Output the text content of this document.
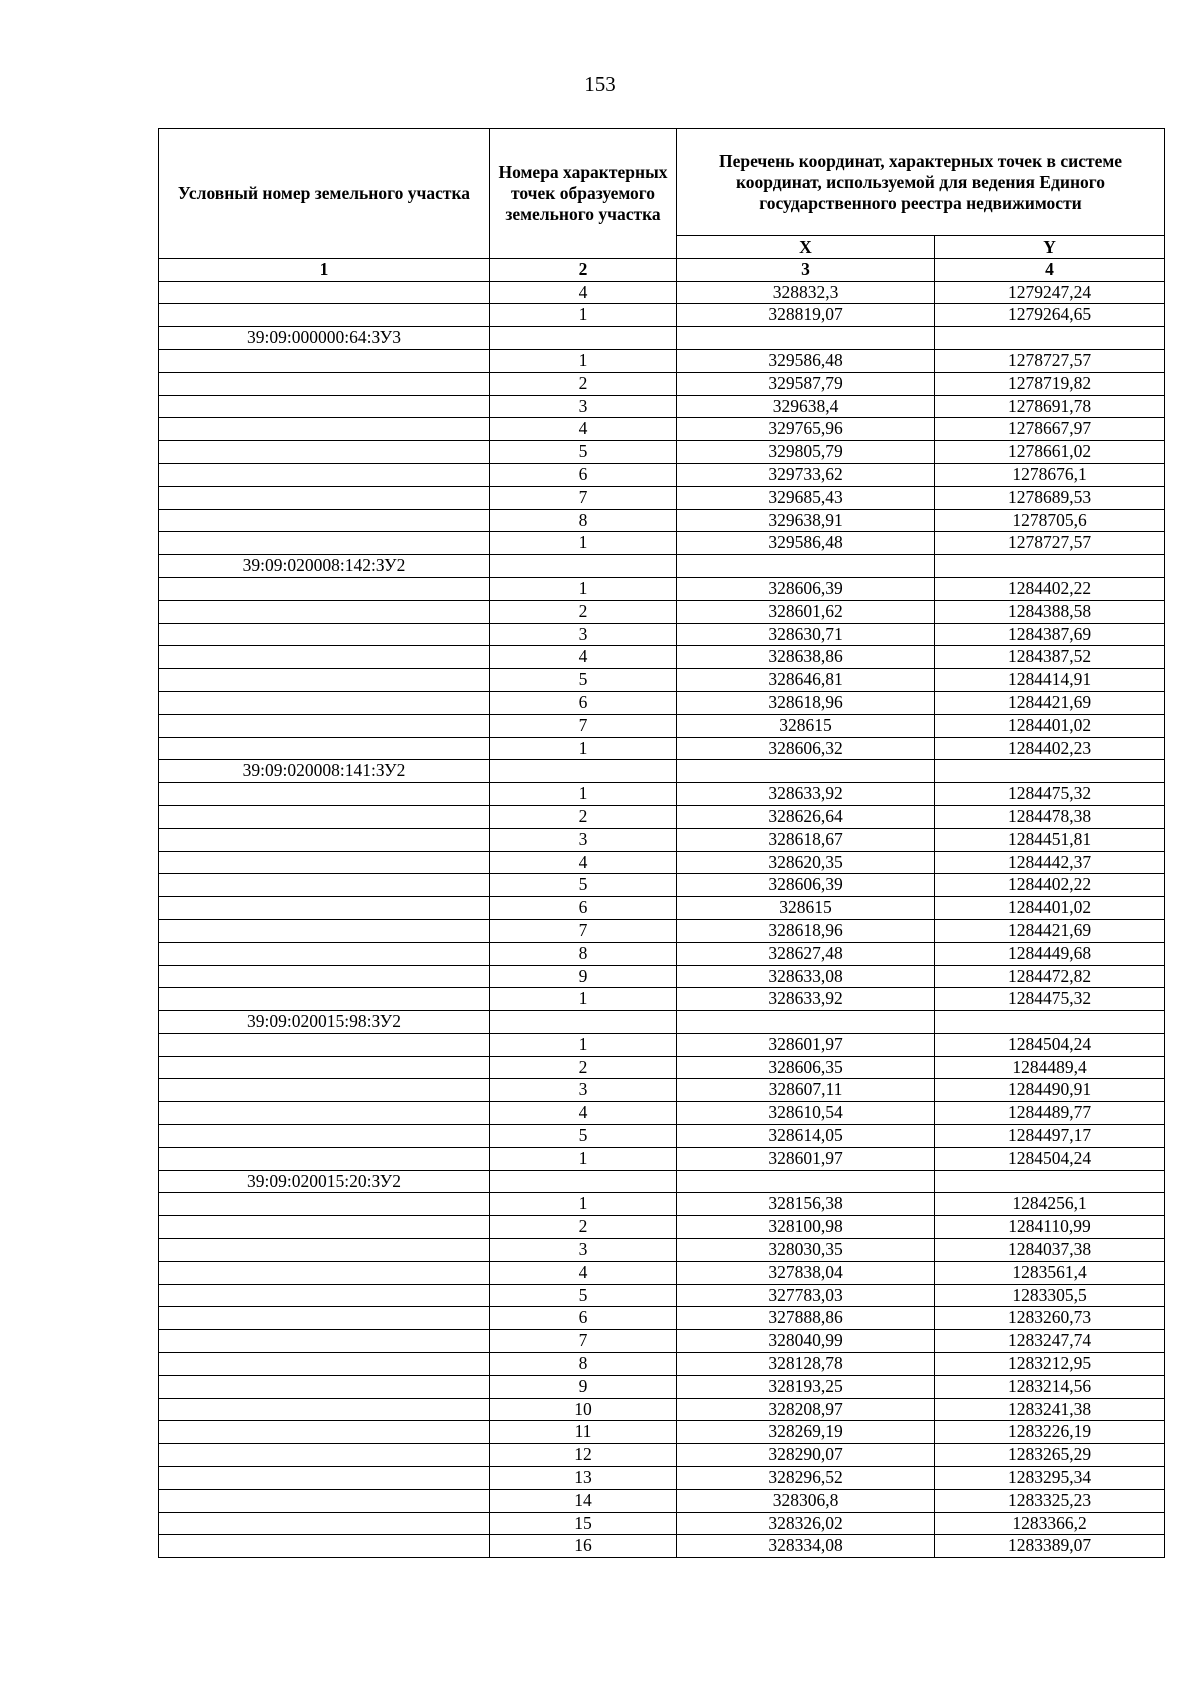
153
Условный номер земельного участка	Номера характерных точек образуемого земельного участка	Перечень координат, характерных точек в системе координат, используемой для ведения Единого государственного реестра недвижимости	
		X	Y
1	2	3	4
	4	328832,3	1279247,24
	1	328819,07	1279264,65
39:09:000000:64:ЗУ3			
	1	329586,48	1278727,57
	2	329587,79	1278719,82
	3	329638,4	1278691,78
	4	329765,96	1278667,97
	5	329805,79	1278661,02
	6	329733,62	1278676,1
	7	329685,43	1278689,53
	8	329638,91	1278705,6
	1	329586,48	1278727,57
39:09:020008:142:ЗУ2			
	1	328606,39	1284402,22
	2	328601,62	1284388,58
	3	328630,71	1284387,69
	4	328638,86	1284387,52
	5	328646,81	1284414,91
	6	328618,96	1284421,69
	7	328615	1284401,02
	1	328606,32	1284402,23
39:09:020008:141:ЗУ2			
	1	328633,92	1284475,32
	2	328626,64	1284478,38
	3	328618,67	1284451,81
	4	328620,35	1284442,37
	5	328606,39	1284402,22
	6	328615	1284401,02
	7	328618,96	1284421,69
	8	328627,48	1284449,68
	9	328633,08	1284472,82
	1	328633,92	1284475,32
39:09:020015:98:ЗУ2			
	1	328601,97	1284504,24
	2	328606,35	1284489,4
	3	328607,11	1284490,91
	4	328610,54	1284489,77
	5	328614,05	1284497,17
	1	328601,97	1284504,24
39:09:020015:20:ЗУ2			
	1	328156,38	1284256,1
	2	328100,98	1284110,99
	3	328030,35	1284037,38
	4	327838,04	1283561,4
	5	327783,03	1283305,5
	6	327888,86	1283260,73
	7	328040,99	1283247,74
	8	328128,78	1283212,95
	9	328193,25	1283214,56
	10	328208,97	1283241,38
	11	328269,19	1283226,19
	12	328290,07	1283265,29
	13	328296,52	1283295,34
	14	328306,8	1283325,23
	15	328326,02	1283366,2
	16	328334,08	1283389,07
